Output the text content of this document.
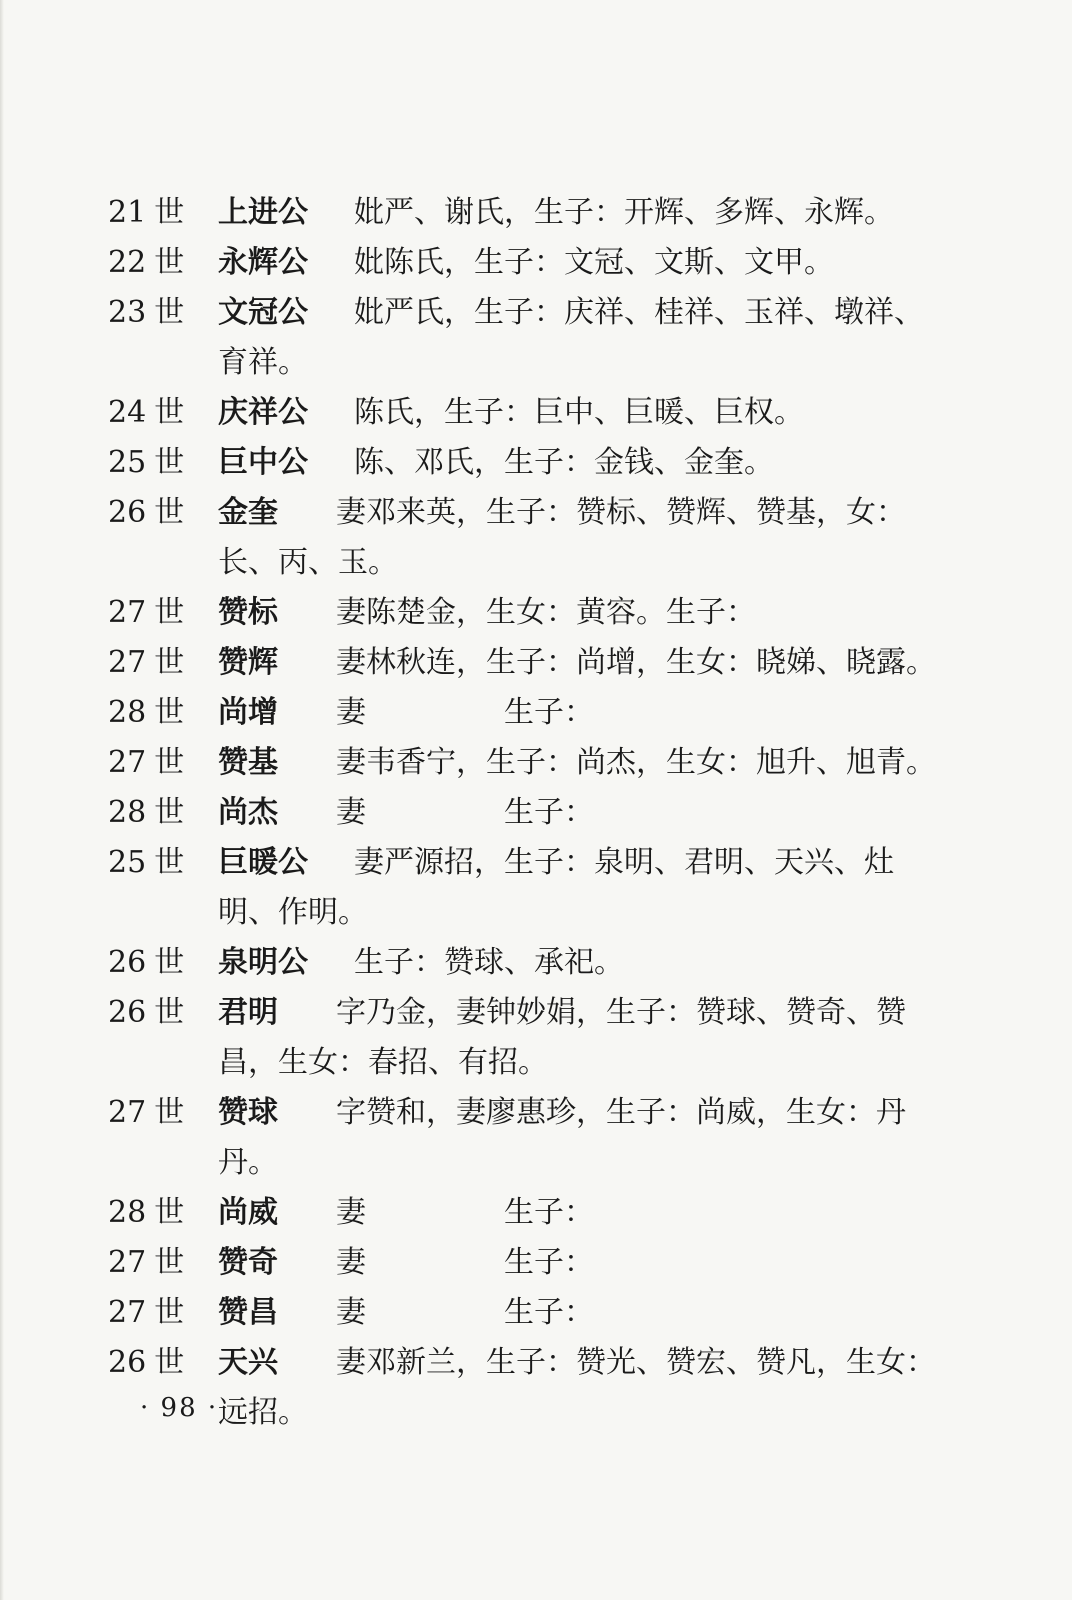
21 世	上进公 妣严、谢氏，生子：开辉、多辉、永辉。
22 世	永辉公 妣陈氏，生子：文冠、文斯、文甲。
23 世	文冠公 妣严氏，生子：庆祥、桂祥、玉祥、墩祥、育祥。
24 世	庆祥公 陈氏，生子：巨中、巨暖、巨权。
25 世	巨中公 陈、邓氏，生子：金钱、金奎。
26 世	金奎 妻邓来英，生子：赞标、赞辉、赞基，女：长、丙、玉。
27 世	赞标 妻陈楚金，生女：黄容。生子：
27 世	赞辉 妻林秋连，生子：尚增，生女：晓娣、晓露。
28 世	尚增 妻	生子：
27 世	赞基 妻韦香宁，生子：尚杰，生女：旭升、旭青。
28 世	尚杰 妻	生子：
25 世	巨暖公 妻严源招，生子：泉明、君明、天兴、灶明、作明。
26 世	泉明公 生子：赞球、承祀。
26 世	君明 字乃金，妻钟妙娟，生子：赞球、赞奇、赞昌，生女：春招、有招。
27 世	赞球 字赞和，妻廖惠珍，生子：尚威，生女：丹丹。
28 世	尚威 妻	生子：
27 世	赞奇 妻	生子：
27 世	赞昌 妻	生子：
26 世	天兴 妻邓新兰，生子：赞光、赞宏、赞凡，生女：远招。
· 98 ·
